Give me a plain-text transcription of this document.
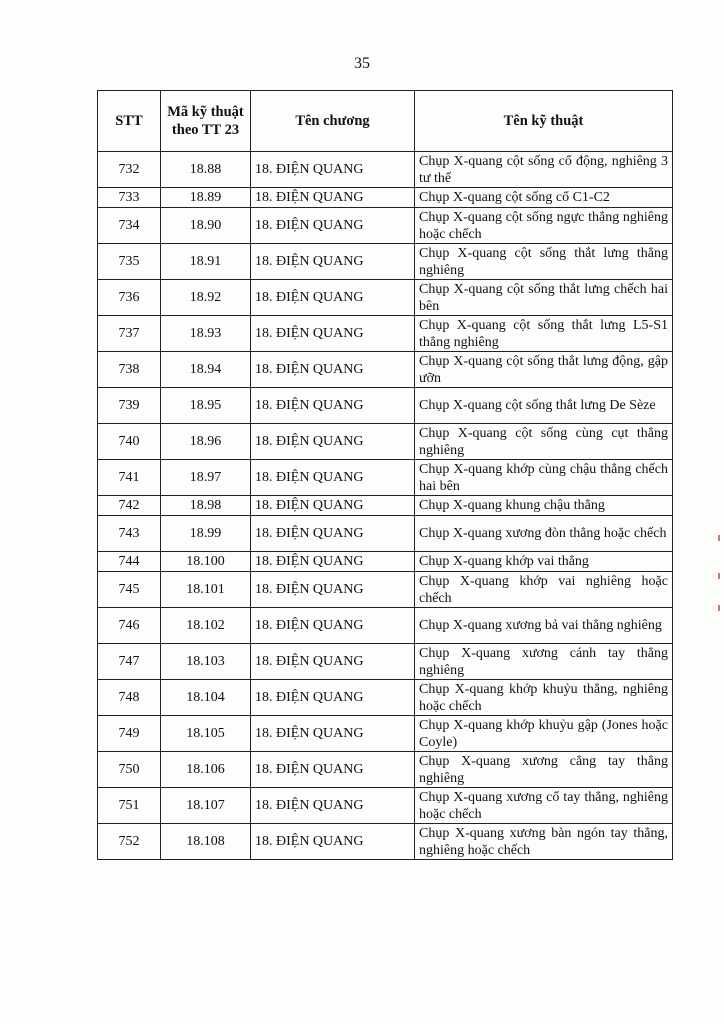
35
STT	Mã kỹ thuật theo TT 23	Tên chương	Tên kỹ thuật
732	18.88	18. ĐIỆN QUANG	Chụp X-quang cột sống cổ động, nghiêng 3 tư thế
733	18.89	18. ĐIỆN QUANG	Chụp X-quang cột sống cổ C1-C2
734	18.90	18. ĐIỆN QUANG	Chụp X-quang cột sống ngực thẳng nghiêng hoặc chếch
735	18.91	18. ĐIỆN QUANG	Chụp X-quang cột sống thắt lưng thẳng nghiêng
736	18.92	18. ĐIỆN QUANG	Chụp X-quang cột sống thắt lưng chếch hai bên
737	18.93	18. ĐIỆN QUANG	Chụp X-quang cột sống thắt lưng L5-S1 thẳng nghiêng
738	18.94	18. ĐIỆN QUANG	Chụp X-quang cột sống thắt lưng động, gập ưỡn
739	18.95	18. ĐIỆN QUANG	Chụp X-quang cột sống thắt lưng De Sèze
740	18.96	18. ĐIỆN QUANG	Chụp X-quang cột sống cùng cụt thẳng nghiêng
741	18.97	18. ĐIỆN QUANG	Chụp X-quang khớp cùng chậu thẳng chếch hai bên
742	18.98	18. ĐIỆN QUANG	Chụp X-quang khung chậu thẳng
743	18.99	18. ĐIỆN QUANG	Chụp X-quang xương đòn thẳng hoặc chếch
744	18.100	18. ĐIỆN QUANG	Chụp X-quang khớp vai thẳng
745	18.101	18. ĐIỆN QUANG	Chụp X-quang khớp vai nghiêng hoặc chếch
746	18.102	18. ĐIỆN QUANG	Chụp X-quang xương bả vai thẳng nghiêng
747	18.103	18. ĐIỆN QUANG	Chụp X-quang xương cánh tay thẳng nghiêng
748	18.104	18. ĐIỆN QUANG	Chụp X-quang khớp khuỷu thẳng, nghiêng hoặc chếch
749	18.105	18. ĐIỆN QUANG	Chụp X-quang khớp khuỷu gập (Jones hoặc Coyle)
750	18.106	18. ĐIỆN QUANG	Chụp X-quang xương cẳng tay thẳng nghiêng
751	18.107	18. ĐIỆN QUANG	Chụp X-quang xương cổ tay thẳng, nghiêng hoặc chếch
752	18.108	18. ĐIỆN QUANG	Chụp X-quang xương bàn ngón tay thẳng, nghiêng hoặc chếch
